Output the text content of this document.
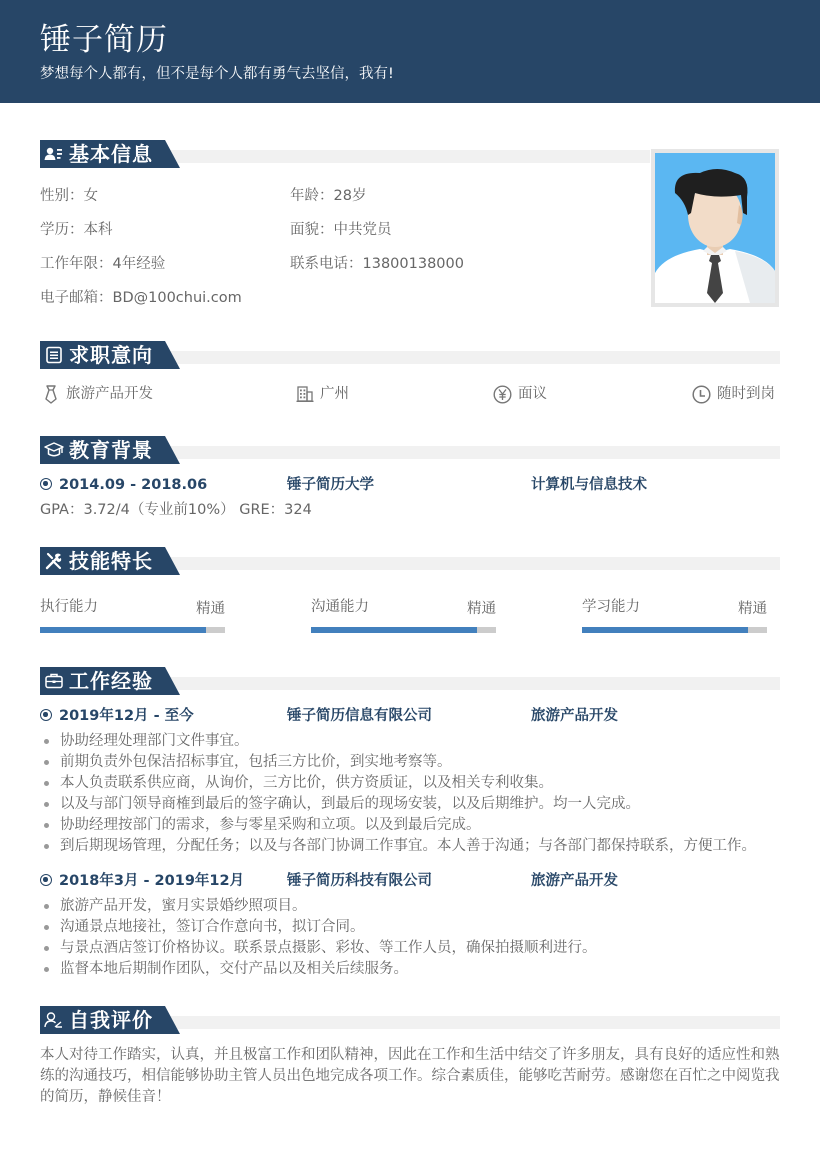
锤子简历
梦想每个人都有，但不是每个人都有勇气去坚信，我有!
基本信息
性别：女	年龄：28岁
学历：本科	面貌：中共党员
工作年限：4年经验	联系电话：13800138000
电子邮箱：BD@100chui.com
求职意向
旅游产品开发	广州	面议	随时到岗
教育背景
2014.09 - 2018.06	锤子简历大学	计算机与信息技术
GPA：3.72/4（专业前10%） GRE：324
技能特长
执行能力	精通	沟通能力	精通	学习能力	精通
工作经验
2019年12月 - 至今	锤子简历信息有限公司	旅游产品开发
协助经理处理部门文件事宜。
前期负责外包保洁招标事宜，包括三方比价，到实地考察等。
本人负责联系供应商，从询价，三方比价，供方资质证，以及相关专利收集。
以及与部门领导商榷到最后的签字确认，到最后的现场安装，以及后期维护。均一人完成。
协助经理按部门的需求，参与零星采购和立项。以及到最后完成。
到后期现场管理，分配任务；以及与各部门协调工作事宜。本人善于沟通；与各部门都保持联系，方便工作。
2018年3月 - 2019年12月	锤子简历科技有限公司	旅游产品开发
旅游产品开发，蜜月实景婚纱照项目。
沟通景点地接社，签订合作意向书，拟订合同。
与景点酒店签订价格协议。联系景点摄影、彩妆、等工作人员，确保拍摄顺利进行。
监督本地后期制作团队，交付产品以及相关后续服务。
自我评价
本人对待工作踏实，认真，并且极富工作和团队精神，因此在工作和生活中结交了许多朋友，具有良好的适应性和熟练的沟通技巧，相信能够协助主管人员出色地完成各项工作。综合素质佳，能够吃苦耐劳。感谢您在百忙之中阅览我的简历，静候佳音！
